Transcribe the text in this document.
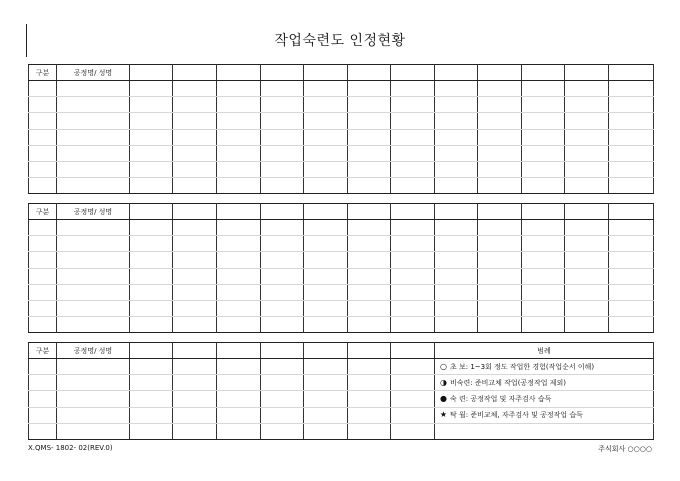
작업숙련도 인정현황
구분	공정명/ 성명												

구분	공정명/ 성명												

구분	공정명/ 성명								범례
									○ 초 보: 1~3회 정도 작업한 경험(작업순서 이해)
									◑ 비숙련: 준비교체 작업(공정작업 제외)
									● 숙 련: 공정작업 및 자주검사 습득
									★ 탁 월: 준비교체, 자주검사 및 공정작업 습득

X.QMS- 1802- 02(REV.0)	주식회사 ○○○○
